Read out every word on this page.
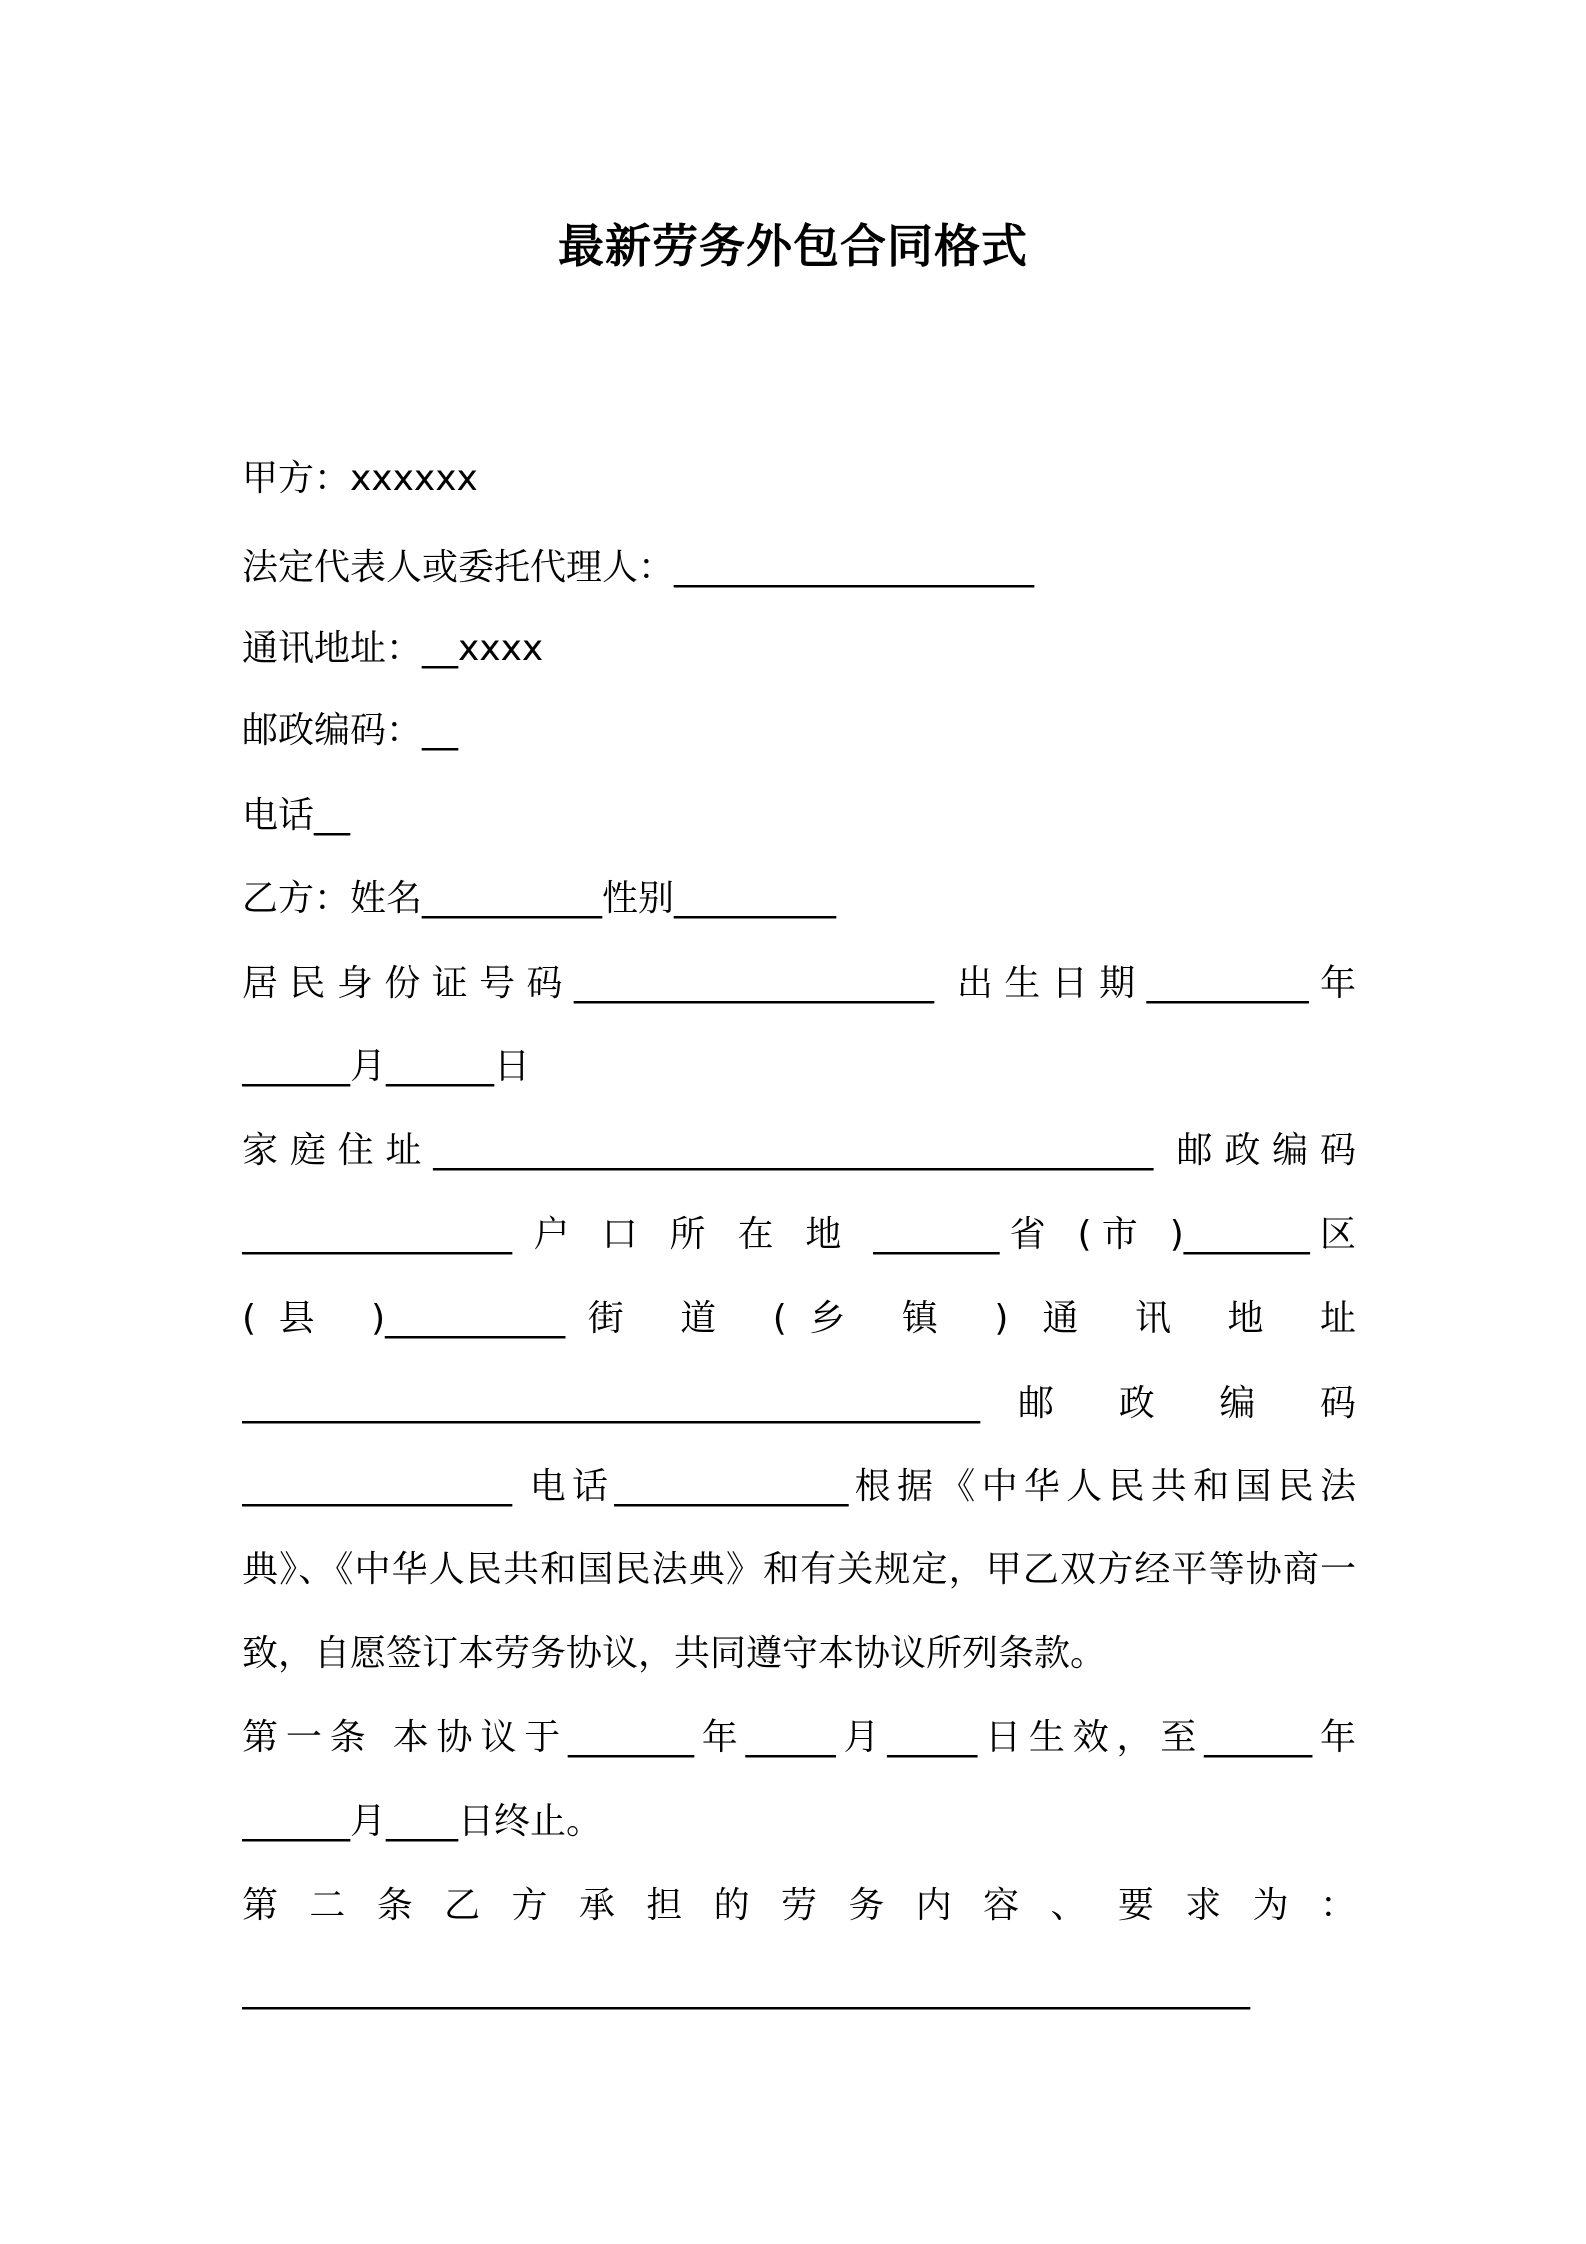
最新劳务外包合同格式
甲方：xxxxxx
法定代表人或委托代理人：____________________
通讯地址：__xxxx
邮政编码：__
电话__
乙方：姓名__________性别_________
居民身份证号码____________________ 出生日期_________年
______月______日
家庭住址________________________________________ 邮政编码
_______________ 户 口 所 在 地 _______省 (市 )_______区
(县 )__________街 道 (乡 镇 ) 通 讯 地 址
_________________________________________ 邮 政 编 码
_______________ 电话_____________根据《中华人民共和国民法
典》、《中华人民共和国民法典》和有关规定，甲乙双方经平等协商一
致，自愿签订本劳务协议，共同遵守本协议所列条款。
第一条 本协议于_______年_____月_____日生效，至______年
______月____日终止。
第 二 条 乙 方 承 担 的 劳 务 内 容 、 要 求 为 ：
________________________________________________________
